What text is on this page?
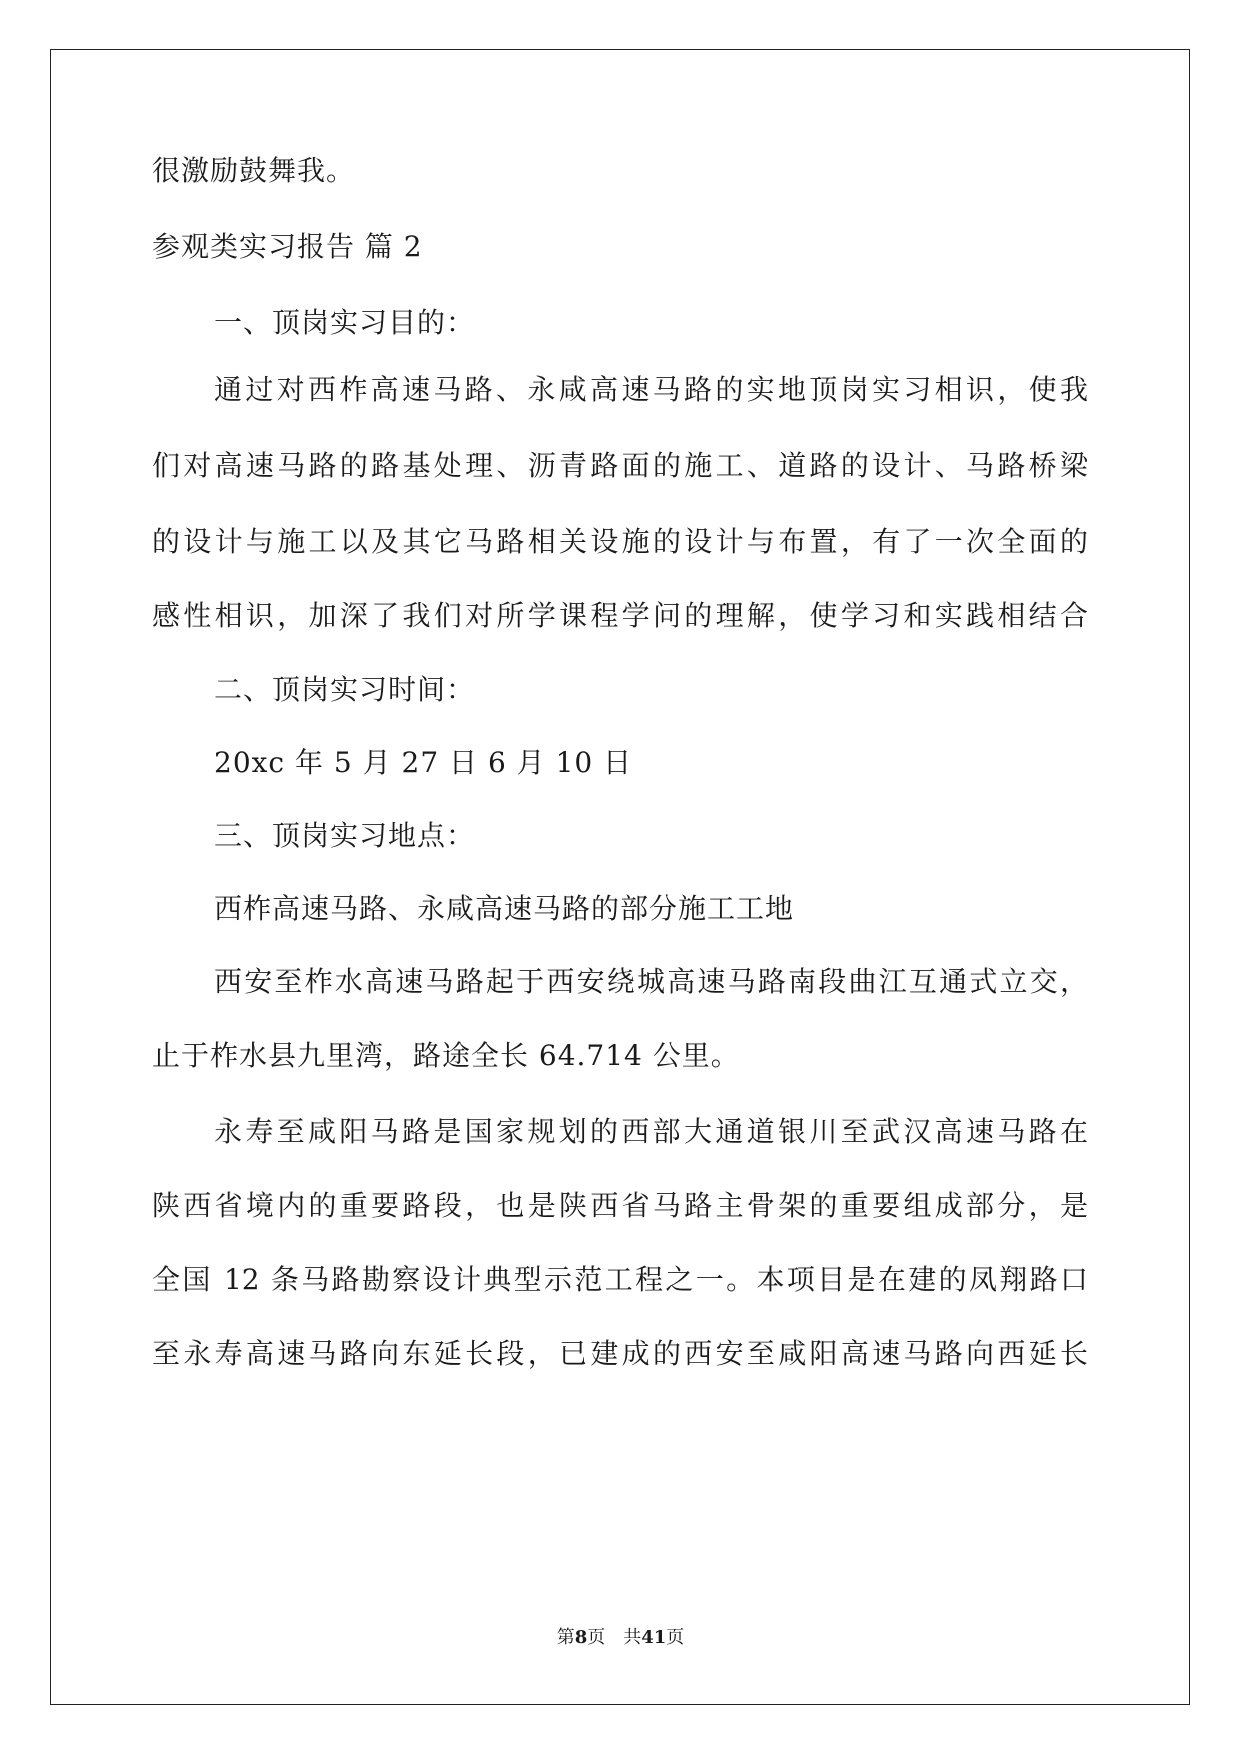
很激励鼓舞我。
参观类实习报告 篇 2
一、顶岗实习目的：
通过对西柞高速马路、永咸高速马路的实地顶岗实习相识，使我
们对高速马路的路基处理、沥青路面的施工、道路的设计、马路桥梁
的设计与施工以及其它马路相关设施的设计与布置，有了一次全面的
感性相识，加深了我们对所学课程学问的理解，使学习和实践相结合
二、顶岗实习时间：
20xc 年 5 月 27 日 6 月 10 日
三、顶岗实习地点：
西柞高速马路、永咸高速马路的部分施工工地
西安至柞水高速马路起于西安绕城高速马路南段曲江互通式立交，
止于柞水县九里湾，路途全长 64.714 公里。
永寿至咸阳马路是国家规划的西部大通道银川至武汉高速马路在
陕西省境内的重要路段，也是陕西省马路主骨架的重要组成部分，是
全国 12 条马路勘察设计典型示范工程之一。本项目是在建的凤翔路口
至永寿高速马路向东延长段，已建成的西安至咸阳高速马路向西延长
第8页　共41页
